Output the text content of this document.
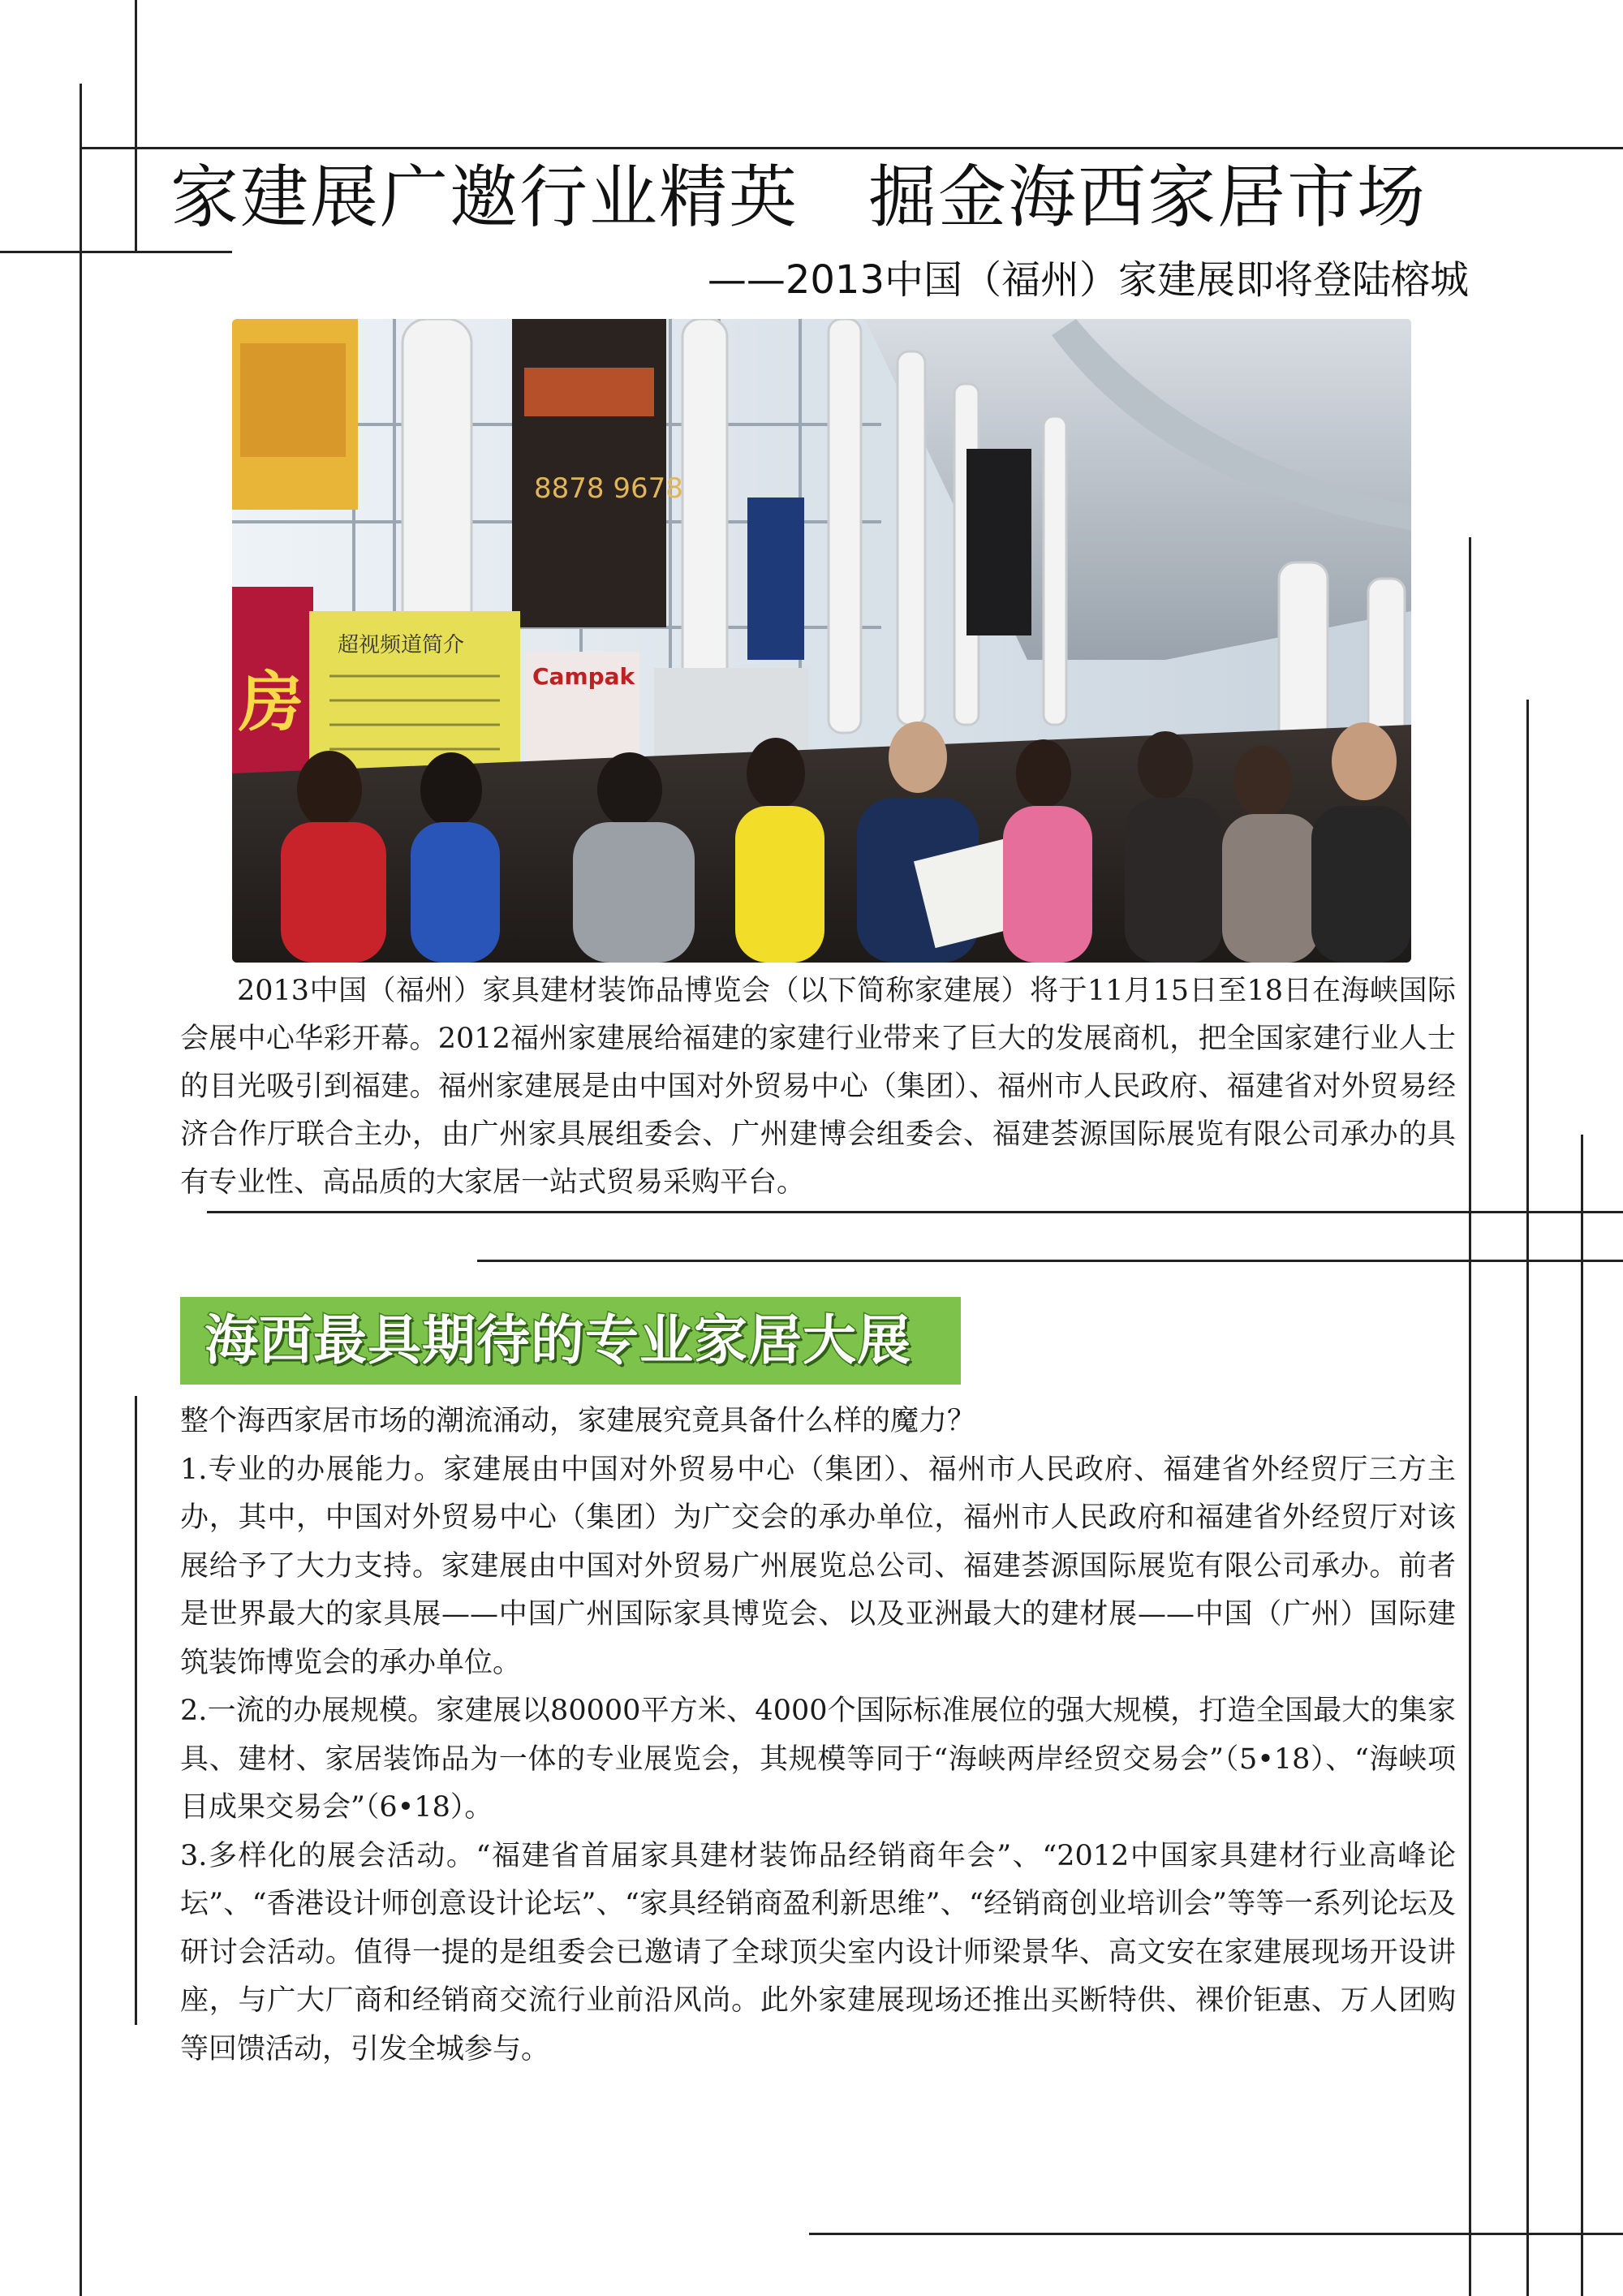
家建展广邀行业精英　掘金海西家居市场
——2013中国（福州）家建展即将登陆榕城
8878 9678
房
超视频道简介
Campak
2013中国（福州）家具建材装饰品博览会（以下简称家建展）将于11月15日至18日在海峡国际会展中心华彩开幕。2012福州家建展给福建的家建行业带来了巨大的发展商机，把全国家建行业人士的目光吸引到福建。福州家建展是由中国对外贸易中心（集团）、福州市人民政府、福建省对外贸易经济合作厅联合主办，由广州家具展组委会、广州建博会组委会、福建荟源国际展览有限公司承办的具有专业性、高品质的大家居一站式贸易采购平台。
海西最具期待的专业家居大展

整个海西家居市场的潮流涌动，家建展究竟具备什么样的魔力？

1.专业的办展能力。家建展由中国对外贸易中心（集团）、福州市人民政府、福建省外经贸厅三方主办，其中，中国对外贸易中心（集团）为广交会的承办单位，福州市人民政府和福建省外经贸厅对该展给予了大力支持。家建展由中国对外贸易广州展览总公司、福建荟源国际展览有限公司承办。前者是世界最大的家具展——中国广州国际家具博览会、以及亚洲最大的建材展——中国（广州）国际建筑装饰博览会的承办单位。

2.一流的办展规模。家建展以80000平方米、4000个国际标准展位的强大规模，打造全国最大的集家具、建材、家居装饰品为一体的专业展览会，其规模等同于“海峡两岸经贸交易会”（5•18）、“海峡项目成果交易会”（6•18）。

3.多样化的展会活动。“福建省首届家具建材装饰品经销商年会”、“2012中国家具建材行业高峰论坛”、“香港设计师创意设计论坛”、“家具经销商盈利新思维”、“经销商创业培训会”等等一系列论坛及研讨会活动。值得一提的是组委会已邀请了全球顶尖室内设计师梁景华、高文安在家建展现场开设讲座，与广大厂商和经销商交流行业前沿风尚。此外家建展现场还推出买断特供、裸价钜惠、万人团购等回馈活动，引发全城参与。
